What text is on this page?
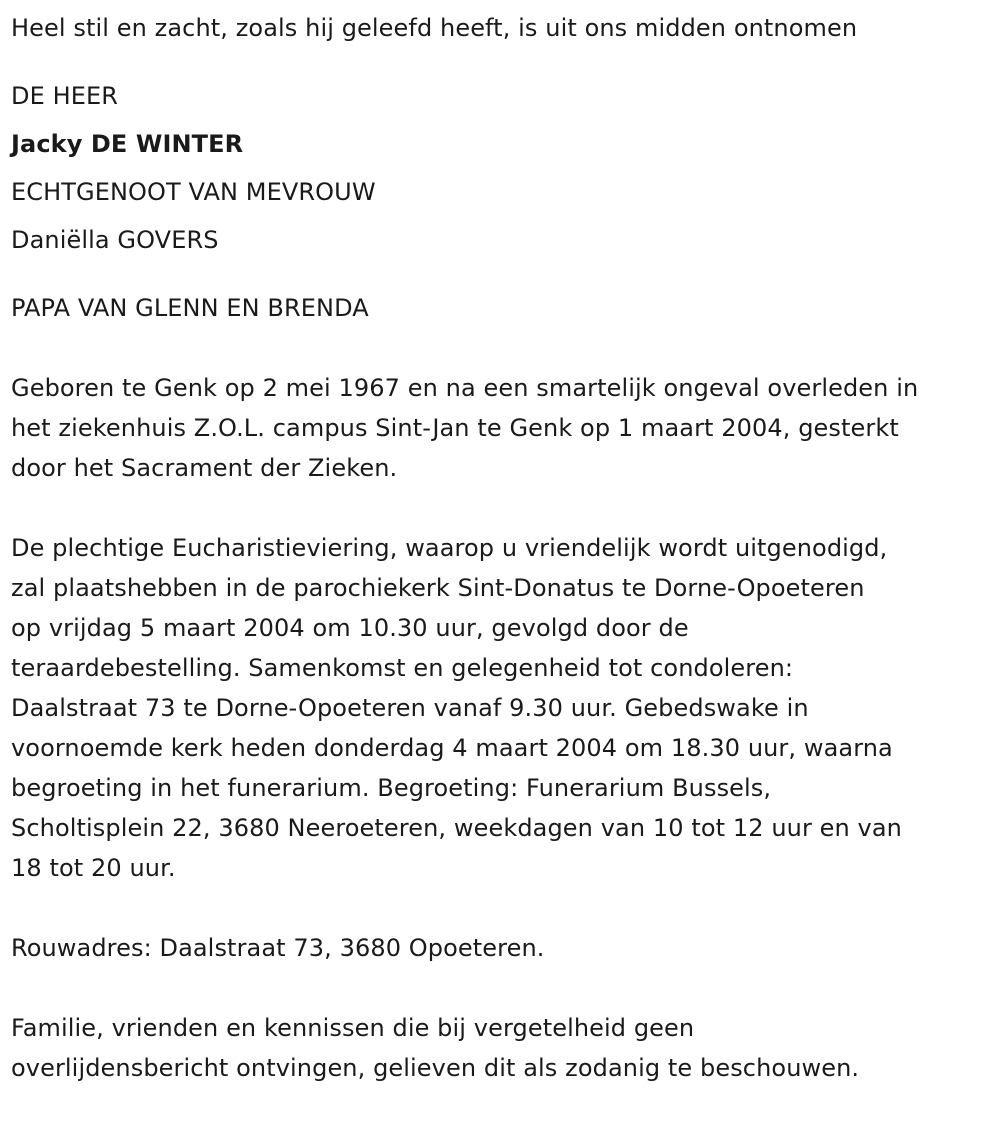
Heel stil en zacht, zoals hij geleefd heeft, is uit ons midden ontnomen

DE HEER

Jacky DE WINTER

ECHTGENOOT VAN MEVROUW

Daniëlla GOVERS

PAPA VAN GLENN EN BRENDA

Geboren te Genk op 2 mei 1967 en na een smartelijk ongeval overleden in
het ziekenhuis Z.O.L. campus Sint-Jan te Genk op 1 maart 2004, gesterkt
door het Sacrament der Zieken.
De plechtige Eucharistieviering, waarop u vriendelijk wordt uitgenodigd,
zal plaatshebben in de parochiekerk Sint-Donatus te Dorne-Opoeteren
op vrijdag 5 maart 2004 om 10.30 uur, gevolgd door de
teraardebestelling. Samenkomst en gelegenheid tot condoleren:
Daalstraat 73 te Dorne-Opoeteren vanaf 9.30 uur. Gebedswake in
voornoemde kerk heden donderdag 4 maart 2004 om 18.30 uur, waarna
begroeting in het funerarium. Begroeting: Funerarium Bussels,
Scholtisplein 22, 3680 Neeroeteren, weekdagen van 10 tot 12 uur en van
18 tot 20 uur.

Rouwadres: Daalstraat 73, 3680 Opoeteren.

Familie, vrienden en kennissen die bij vergetelheid geen
overlijdensbericht ontvingen, gelieven dit als zodanig te beschouwen.
